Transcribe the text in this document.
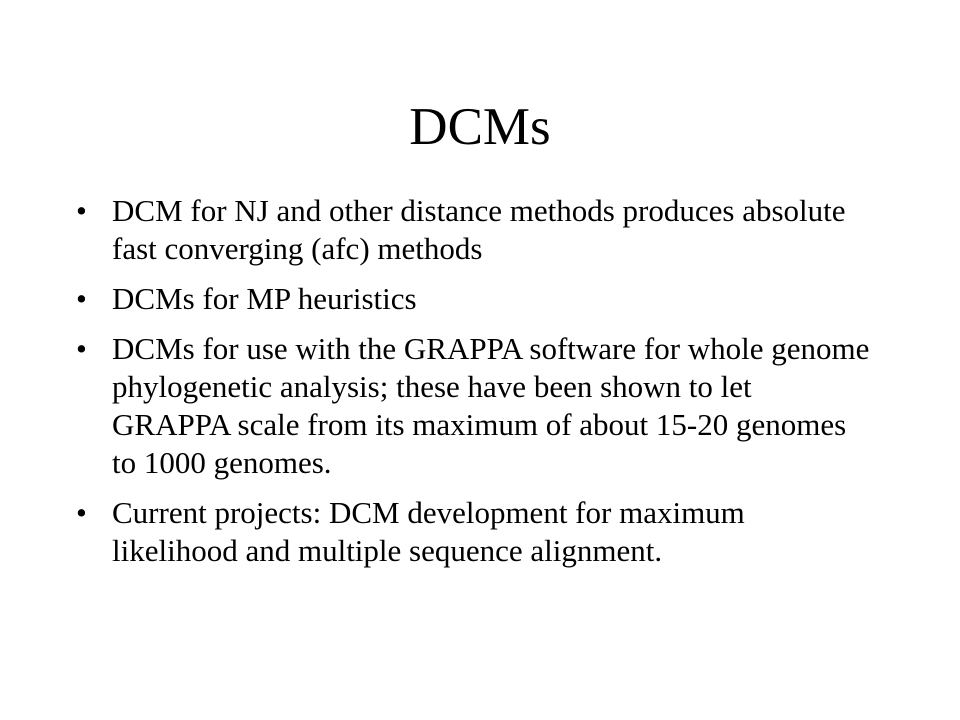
DCMs
• DCM for NJ and other distance methods produces absolute fast converging (afc) methods
• DCMs for MP heuristics
• DCMs for use with the GRAPPA software for whole genome phylogenetic analysis; these have been shown to let GRAPPA scale from its maximum of about 15-20 genomes to 1000 genomes.
• Current projects: DCM development for maximum likelihood and multiple sequence alignment.
